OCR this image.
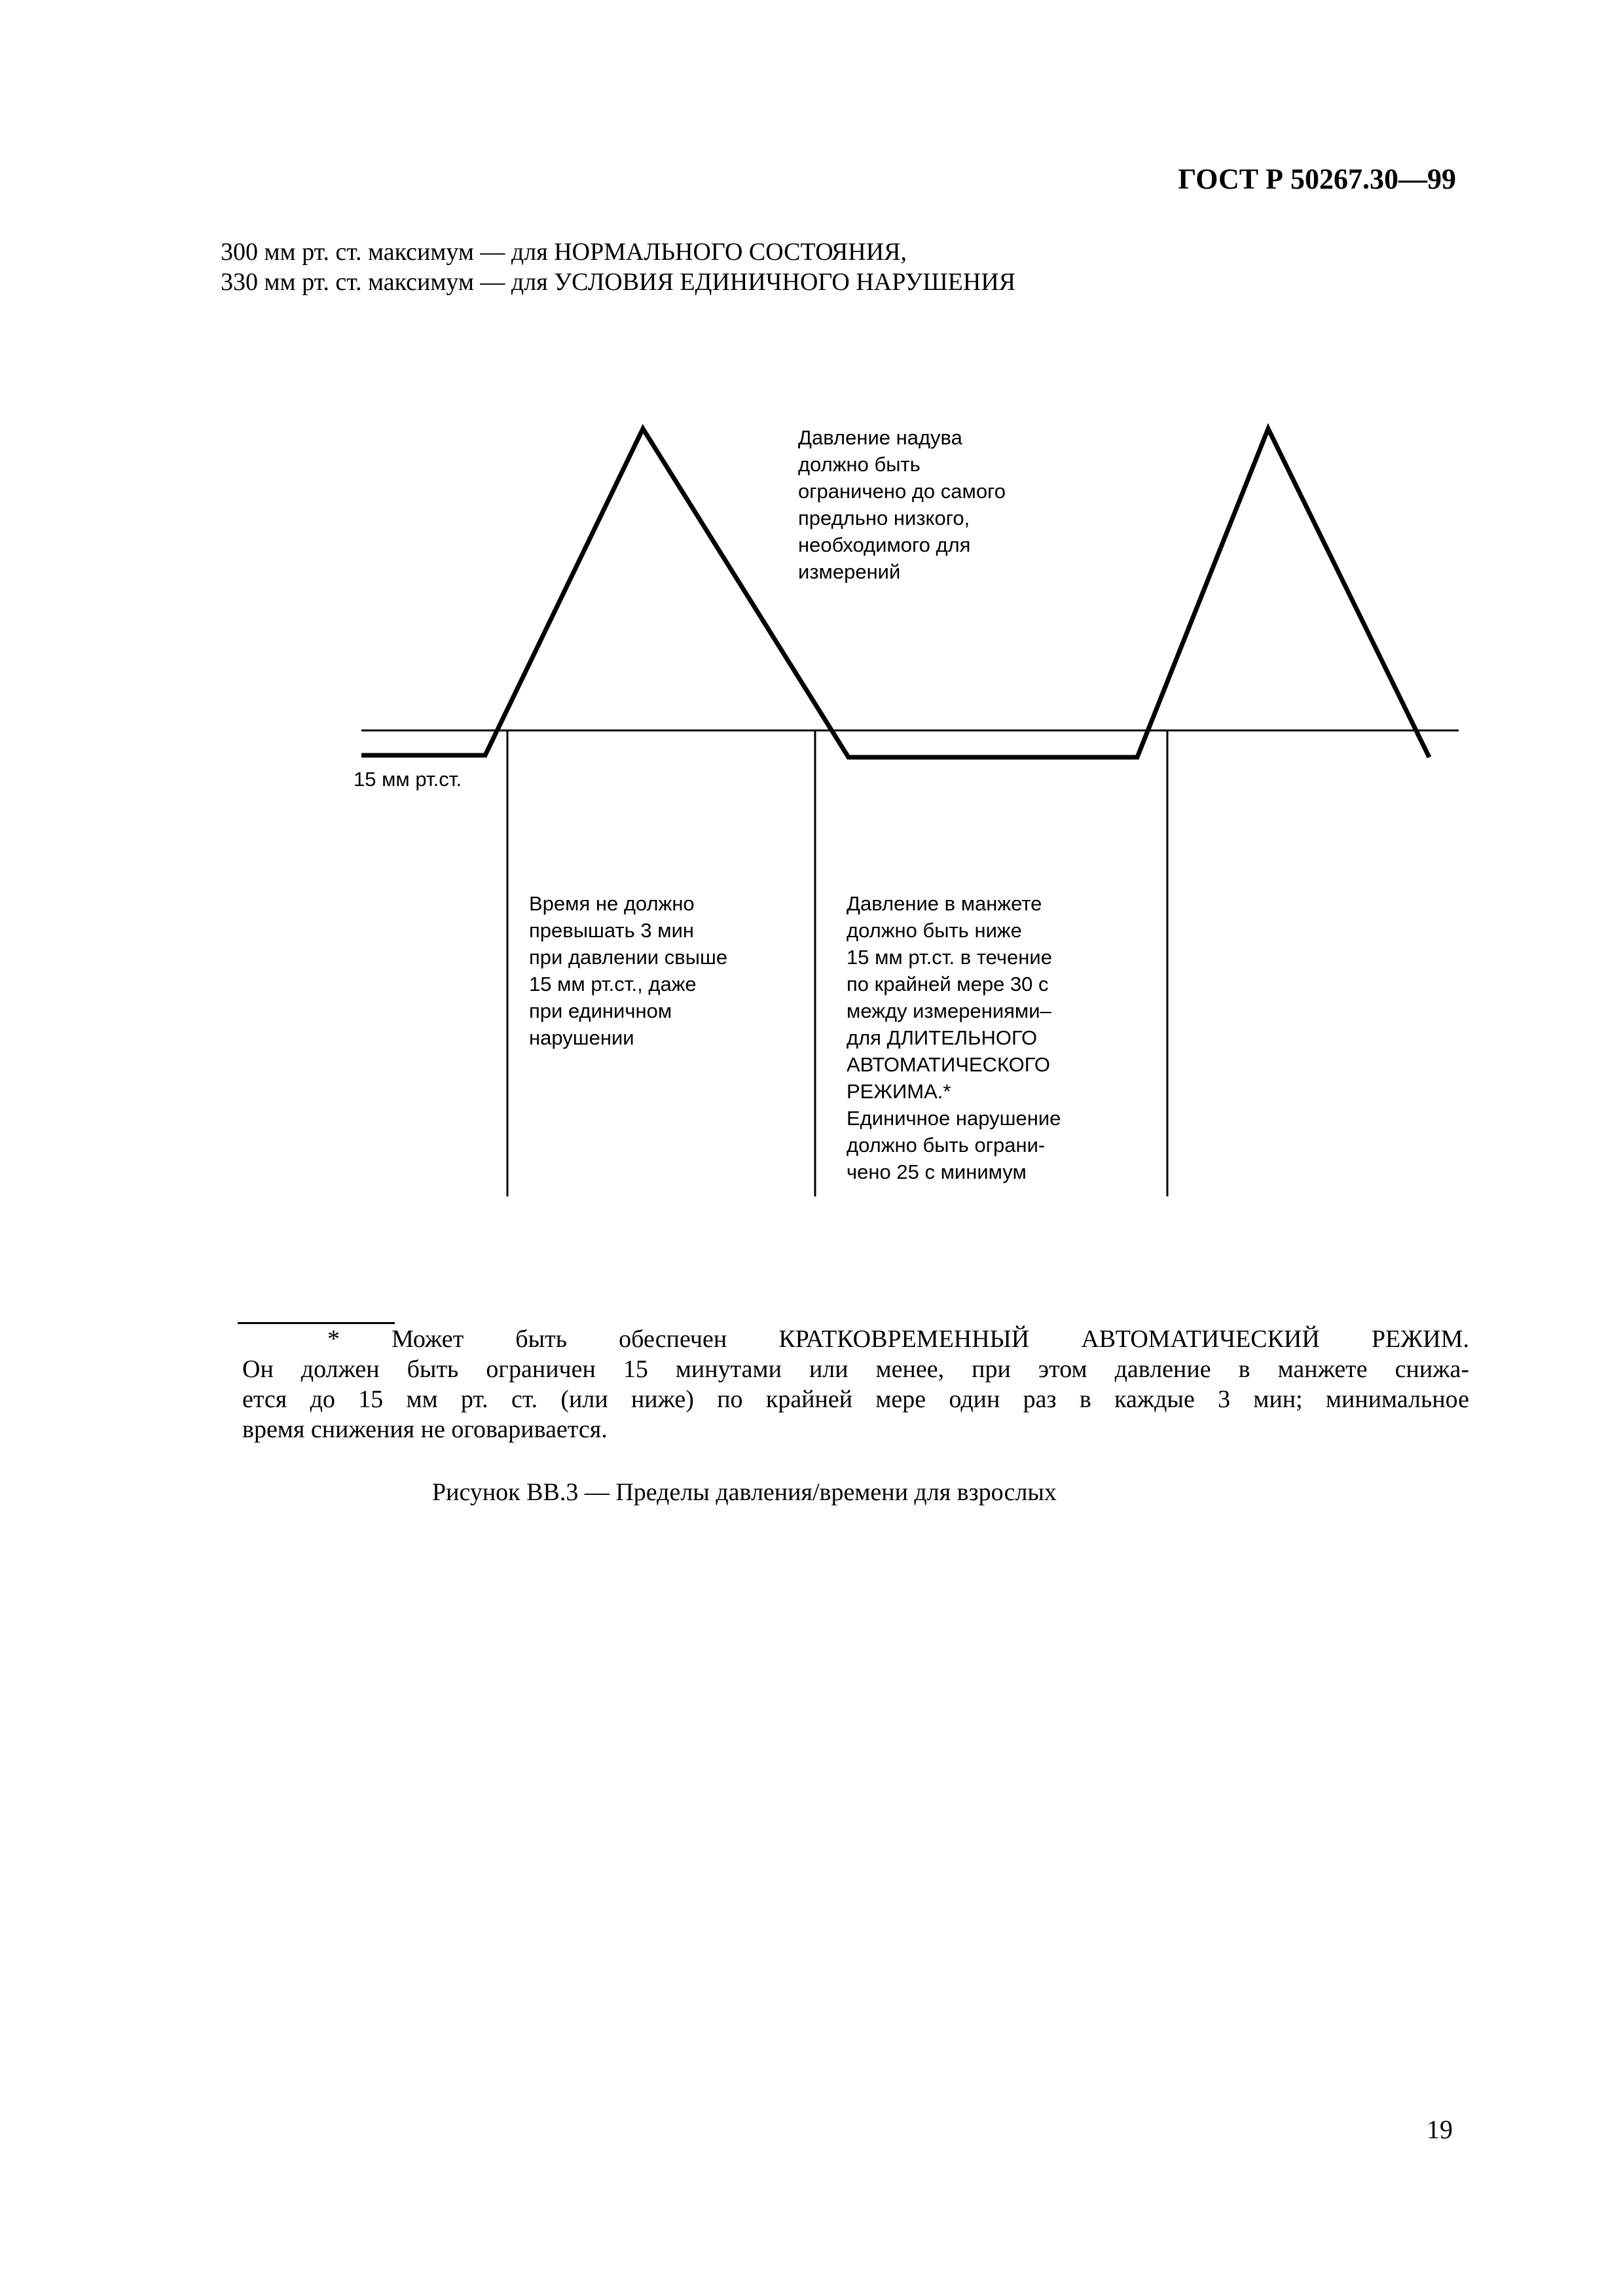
ГОСТ Р 50267.30—99
300 мм рт. ст. максимум — для НОРМАЛЬНОГО СОСТОЯНИЯ,
330 мм рт. ст. максимум — для УСЛОВИЯ ЕДИНИЧНОГО НАРУШЕНИЯ
15 мм рт.ст.
Давление надува
должно быть
ограничено до самого
предльно низкого,
необходимого для
измерений
Время не должно
превышать 3 мин
при давлении свыше
15 мм рт.ст., даже
при единичном
нарушении
Давление в манжете
должно быть ниже
15 мм рт.ст. в течение
по крайней мере 30 с
между измерениями–
для ДЛИТЕЛЬНОГО
АВТОМАТИЧЕСКОГО
РЕЖИМА.*
Единичное нарушение
должно быть ограни-
чено 25 с минимум
* Может быть обеспечен КРАТКОВРЕМЕННЫЙ АВТОМАТИЧЕСКИЙ РЕЖИМ.
Он должен быть ограничен 15 минутами или менее, при этом давление в манжете снижа-
ется до 15 мм рт. ст. (или ниже) по крайней мере один раз в каждые 3 мин; минимальное
время снижения не оговаривается.
Рисунок ВВ.3 — Пределы давления/времени для взрослых
19
